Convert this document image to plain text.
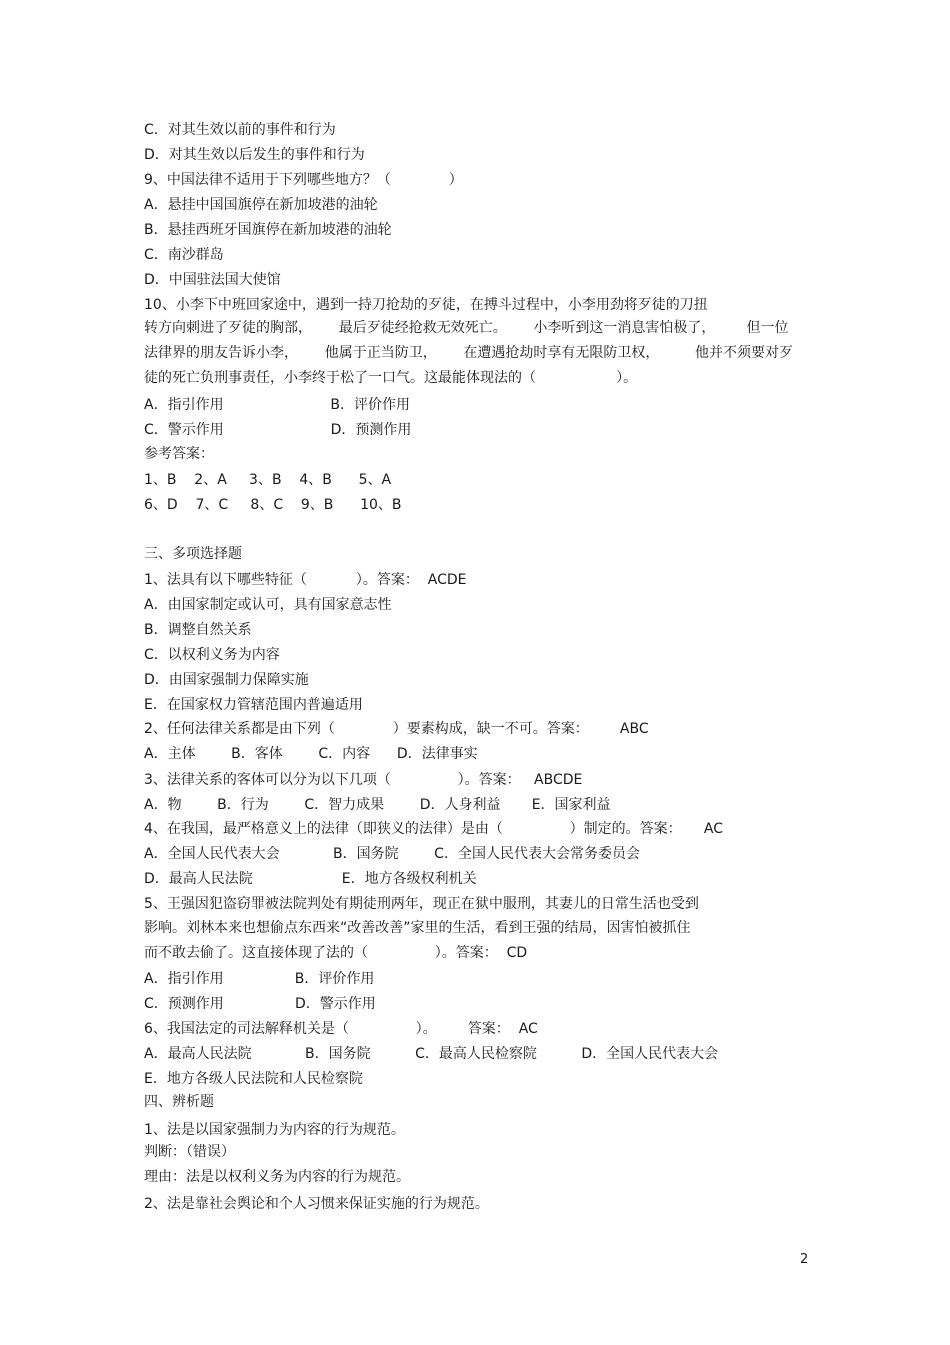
C．对其生效以前的事件和行为
D．对其生效以后发生的事件和行为
9、中国法律不适用于下列哪些地方？（             ）
A．悬挂中国国旗停在新加坡港的油轮
B．悬挂西班牙国旗停在新加坡港的油轮
C．南沙群岛
D．中国驻法国大使馆
10、小李下中班回家途中，遇到一持刀抢劫的歹徒，在搏斗过程中，小李用劲将歹徒的刀扭
转方向刺进了歹徒的胸部，      最后歹徒经抢救无效死亡。      小李听到这一消息害怕极了，       但一位
法律界的朋友告诉小李，      他属于正当防卫，      在遭遇抢劫时享有无限防卫权，        他并不须要对歹
徒的死亡负刑事责任，小李终于松了一口气。这最能体现法的（                  ）。
A．指引作用                        B．评价作用
C．警示作用                        D．预测作用
参考答案：
1、B    2、A     3、B    4、B      5、A
6、D    7、C     8、C    9、B      10、B
三、多项选择题
1、法具有以下哪些特征（           ）。答案：  ACDE
A．由国家制定或认可，具有国家意志性
B．调整自然关系
C．以权利义务为内容
D．由国家强制力保障实施
E．在国家权力管辖范围内普遍适用
2、任何法律关系都是由下列（             ）要素构成，缺一不可。答案：       ABC
A．主体        B．客体        C．内容      D．法律事实
3、法律关系的客体可以分为以下几项（               ）。答案：   ABCDE
A．物        B．行为        C．智力成果        D．人身利益       E．国家利益
4、在我国，最严格意义上的法律（即狭义的法律）是由（               ）制定的。答案：     AC
A．全国人民代表大会            B．国务院        C．全国人民代表大会常务委员会
D．最高人民法院                    E．地方各级权利机关
5、王强因犯盗窃罪被法院判处有期徒刑两年，现正在狱中服刑，其妻儿的日常生活也受到
影响。刘林本来也想偷点东西来“改善改善”家里的生活，看到王强的结局，因害怕被抓住
而不敢去偷了。这直接体现了法的（               ）。答案：  CD
A．指引作用                B．评价作用
C．预测作用                D．警示作用
6、我国法定的司法解释机关是（               ）。       答案：  AC
A．最高人民法院            B．国务院          C．最高人民检察院          D．全国人民代表大会
E．地方各级人民法院和人民检察院
四、辨析题
1、法是以国家强制力为内容的行为规范。
判断：（错误）
理由：法是以权利义务为内容的行为规范。
2、法是靠社会舆论和个人习惯来保证实施的行为规范。
2
